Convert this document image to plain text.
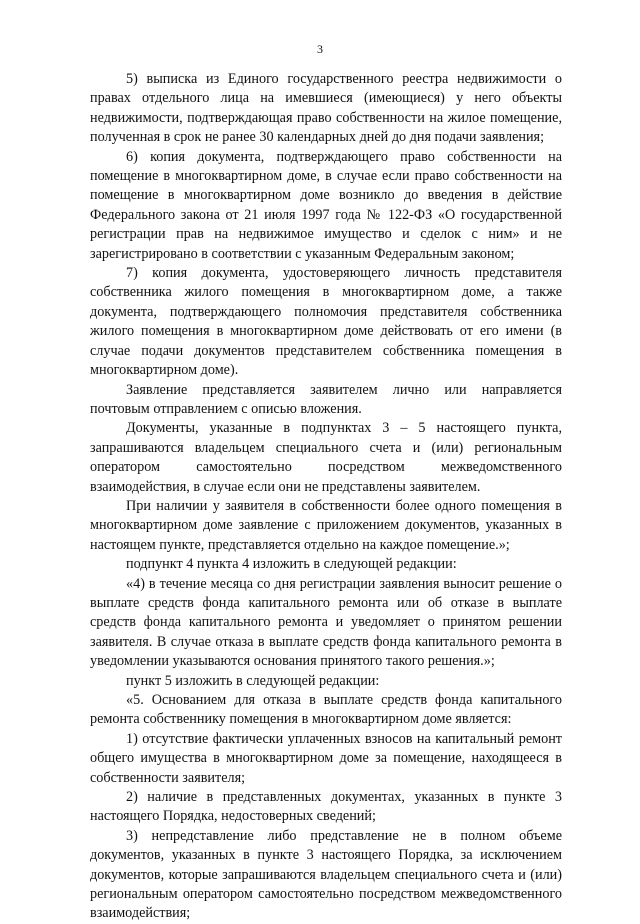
3

5) выписка из Единого государственного реестра недвижимости о правах отдельного лица на имевшиеся (имеющиеся) у него объекты недвижимости, подтверждающая право собственности на жилое помещение, полученная в срок не ранее 30 календарных дней до дня подачи заявления;

6) копия документа, подтверждающего право собственности на помещение в многоквартирном доме, в случае если право собственности на помещение в многоквартирном доме возникло до введения в действие Федерального закона от 21 июля 1997 года № 122-ФЗ «О государственной регистрации прав на недвижимое имущество и сделок с ним» и не зарегистрировано в соответствии с указанным Федеральным законом;

7) копия документа, удостоверяющего личность представителя собственника жилого помещения в многоквартирном доме, а также документа, подтверждающего полномочия представителя собственника жилого помещения в многоквартирном доме действовать от его имени (в случае подачи документов представителем собственника помещения в многоквартирном доме).

Заявление представляется заявителем лично или направляется почтовым отправлением с описью вложения.

Документы, указанные в подпунктах 3 – 5 настоящего пункта, запрашиваются владельцем специального счета и (или) региональным оператором самостоятельно посредством межведомственного взаимодействия, в случае если они не представлены заявителем.

При наличии у заявителя в собственности более одного помещения в многоквартирном доме заявление с приложением документов, указанных в настоящем пункте, представляется отдельно на каждое помещение.»;

подпункт 4 пункта 4 изложить в следующей редакции:

«4) в течение месяца со дня регистрации заявления выносит решение о выплате средств фонда капитального ремонта или об отказе в выплате средств фонда капитального ремонта и уведомляет о принятом решении заявителя. В случае отказа в выплате средств фонда капитального ремонта в уведомлении указываются основания принятого такого решения.»;

пункт 5 изложить в следующей редакции:

«5. Основанием для отказа в выплате средств фонда капитального ремонта собственнику помещения в многоквартирном доме является:

1) отсутствие фактически уплаченных взносов на капитальный ремонт общего имущества в многоквартирном доме за помещение, находящееся в собственности заявителя;

2) наличие в представленных документах, указанных в пункте 3 настоящего Порядка, недостоверных сведений;

3) непредставление либо представление не в полном объеме документов, указанных в пункте 3 настоящего Порядка, за исключением документов, которые запрашиваются владельцем специального счета и (или) региональным оператором самостоятельно посредством межведомственного взаимодействия;
